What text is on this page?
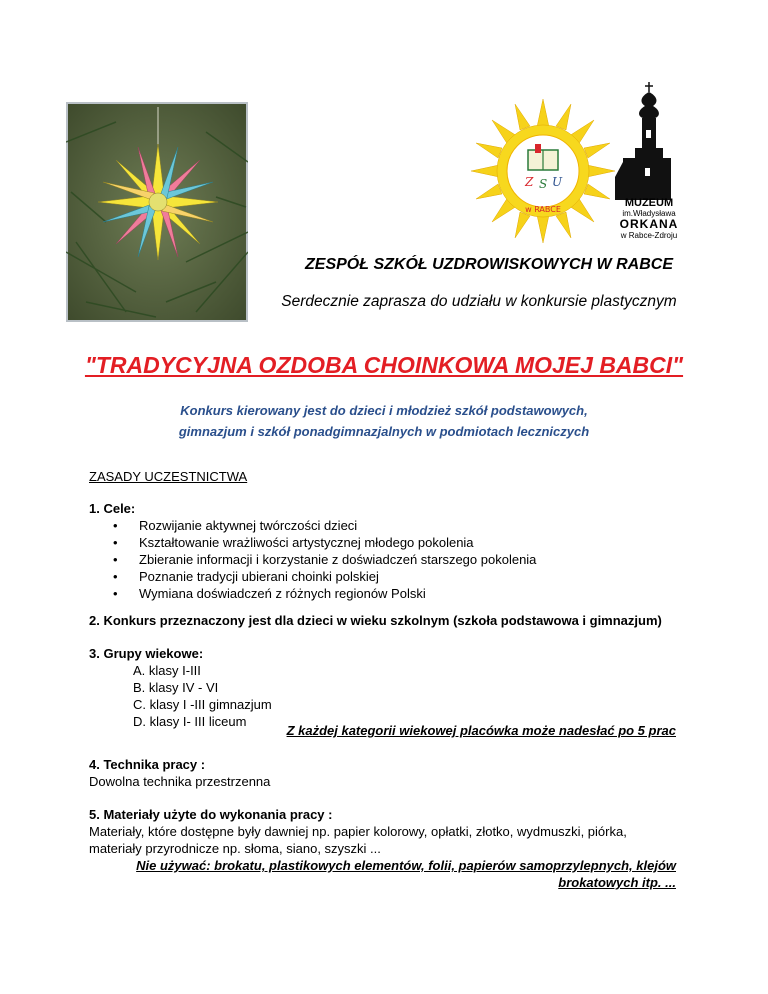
Z S U
w RABCE
MUZEUM
im.Władysława
ORKANA
w Rabce-Zdroju
ZESPÓŁ SZKÓŁ UZDROWISKOWYCH W RABCE
Serdecznie zaprasza do udziału w konkursie plastycznym
"TRADYCYJNA OZDOBA CHOINKOWA MOJEJ BABCI"
Konkurs kierowany jest do dzieci i młodzież szkół podstawowych,
gimnazjum i szkół ponadgimnazjalnych w podmiotach leczniczych
ZASADY UCZESTNICTWA
1. Cele:
• Rozwijanie aktywnej twórczości dzieci
• Kształtowanie wrażliwości artystycznej młodego pokolenia
• Zbieranie informacji i korzystanie z doświadczeń starszego pokolenia
• Poznanie tradycji ubierani choinki polskiej
• Wymiana doświadczeń z różnych regionów Polski
2. Konkurs przeznaczony jest dla dzieci w wieku szkolnym (szkoła podstawowa i gimnazjum)
3. Grupy wiekowe:
A. klasy I-III
B. klasy IV - VI
C. klasy I -III gimnazjum
D. klasy I- III liceum
Z każdej kategorii wiekowej placówka może nadesłać po 5 prac
4. Technika pracy :
Dowolna technika przestrzenna
5. Materiały użyte do wykonania pracy :
Materiały, które dostępne były dawniej np. papier kolorowy, opłatki, złotko, wydmuszki, piórka,
materiały przyrodnicze np. słoma, siano, szyszki ...
Nie używać: brokatu, plastikowych elementów, folii, papierów samoprzylepnych, klejów
brokatowych itp. ...
